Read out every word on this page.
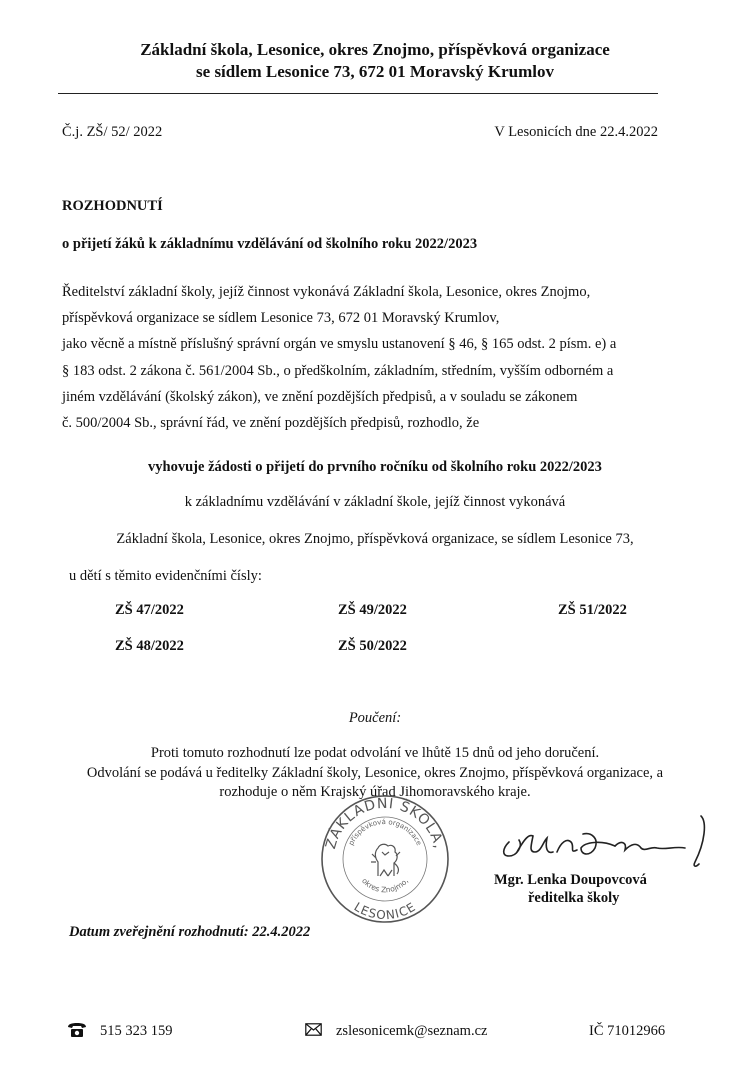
Základní škola, Lesonice, okres Znojmo, příspěvková organizace
se sídlem Lesonice 73, 672 01 Moravský Krumlov
Č.j. ZŠ/ 52/ 2022	V Lesonicích dne 22.4.2022
ROZHODNUTÍ
o přijetí žáků k základnímu vzdělávání od školního roku 2022/2023
Ředitelství základní školy, jejíž činnost vykonává Základní škola, Lesonice, okres Znojmo,
příspěvková organizace se sídlem Lesonice 73, 672 01 Moravský Krumlov,
jako věcně a místně příslušný správní orgán ve smyslu ustanovení § 46, § 165 odst. 2 písm. e) a
§ 183 odst. 2 zákona č. 561/2004 Sb., o předškolním, základním, středním, vyšším odborném a
jiném vzdělávání (školský zákon), ve znění pozdějších předpisů, a v souladu se zákonem
č. 500/2004 Sb., správní řád, ve znění pozdějších předpisů, rozhodlo, že
vyhovuje žádosti o přijetí do prvního ročníku od školního roku 2022/2023
k základnímu vzdělávání v základní škole, jejíž činnost vykonává
Základní škola, Lesonice, okres Znojmo, příspěvková organizace, se sídlem Lesonice 73,
u dětí s těmito evidenčními čísly:
ZŠ 47/2022	ZŠ 49/2022	ZŠ 51/2022
ZŠ 48/2022	ZŠ 50/2022
Poučení:
Proti tomuto rozhodnutí lze podat odvolání ve lhůtě 15 dnů od jeho doručení.
Odvolání se podává u ředitelky Základní školy, Lesonice, okres Znojmo, příspěvková organizace, a
rozhoduje o něm Krajský úřad Jihomoravského kraje.
ZÁKLADNÍ ŠKOLA,
příspěvková organizace
okres Znojmo,
LESONICE
Mgr. Lenka Doupovcová
ředitelka školy
Datum zveřejnění rozhodnutí: 22.4.2022
515 323 159	zslesonicemk@seznam.cz	IČ 71012966
